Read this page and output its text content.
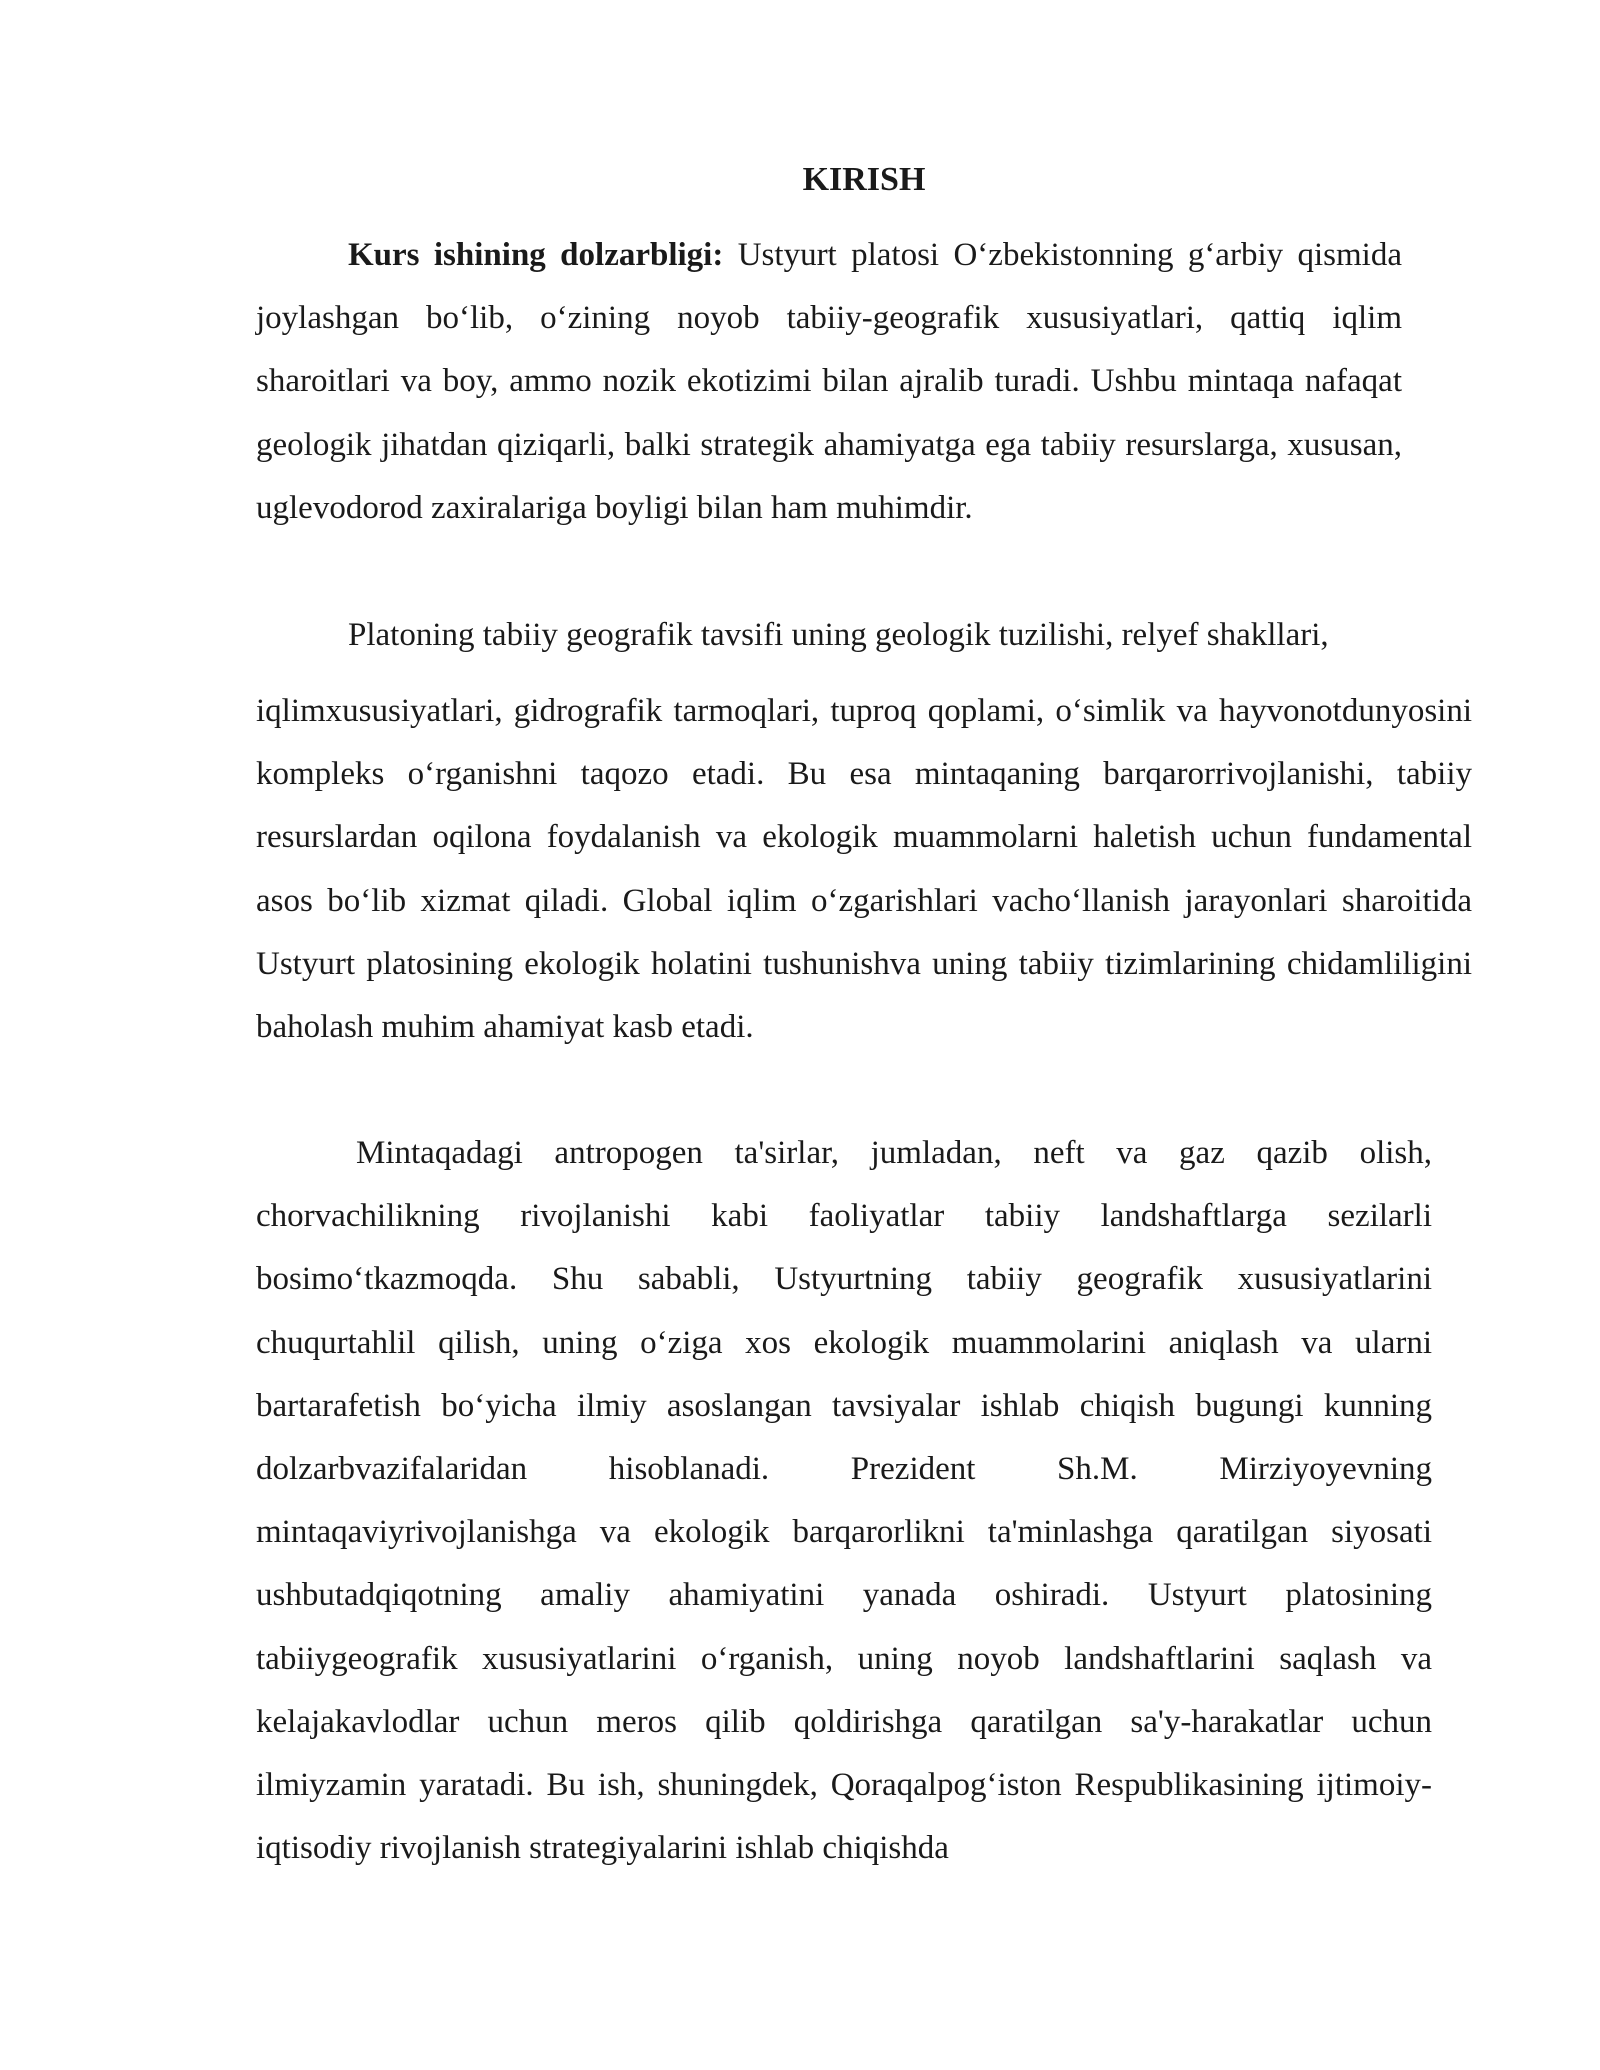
KIRISH

Kurs ishining dolzarbligi: Ustyurt platosi O‘zbekistonning g‘arbiy qismida joylashgan bo‘lib, o‘zining noyob tabiiy-geografik xususiyatlari, qattiq iqlim sharoitlari va boy, ammo nozik ekotizimi bilan ajralib turadi. Ushbu mintaqa nafaqat geologik jihatdan qiziqarli, balki strategik ahamiyatga ega tabiiy resurslarga, xususan, uglevodorod zaxiralariga boyligi bilan ham muhimdir.

Platoning tabiiy geografik tavsifi uning geologik tuzilishi, relyef shakllari,

iqlimxususiyatlari, gidrografik tarmoqlari, tuproq qoplami, o‘simlik va hayvonotdunyosini kompleks o‘rganishni taqozo etadi. Bu esa mintaqaning barqarorrivojlanishi, tabiiy resurslardan oqilona foydalanish va ekologik muammolarni haletish uchun fundamental asos bo‘lib xizmat qiladi. Global iqlim o‘zgarishlari vacho‘llanish jarayonlari sharoitida Ustyurt platosining ekologik holatini tushunishva uning tabiiy tizimlarining chidamliligini baholash muhim ahamiyat kasb etadi.

Mintaqadagi antropogen ta'sirlar, jumladan, neft va gaz qazib olish, chorvachilikning rivojlanishi kabi faoliyatlar tabiiy landshaftlarga sezilarli bosimo‘tkazmoqda. Shu sababli, Ustyurtning tabiiy geografik xususiyatlarini chuqurtahlil qilish, uning o‘ziga xos ekologik muammolarini aniqlash va ularni bartarafetish bo‘yicha ilmiy asoslangan tavsiyalar ishlab chiqish bugungi kunning dolzarbvazifalaridan hisoblanadi. Prezident Sh.M. Mirziyoyevning mintaqaviyrivojlanishga va ekologik barqarorlikni ta'minlashga qaratilgan siyosati ushbutadqiqotning amaliy ahamiyatini yanada oshiradi. Ustyurt platosining tabiiygeografik xususiyatlarini o‘rganish, uning noyob landshaftlarini saqlash va kelajakavlodlar uchun meros qilib qoldirishga qaratilgan sa'y-harakatlar uchun ilmiyzamin yaratadi. Bu ish, shuningdek, Qoraqalpog‘iston Respublikasining ijtimoiy-iqtisodiy rivojlanish strategiyalarini ishlab chiqishda
